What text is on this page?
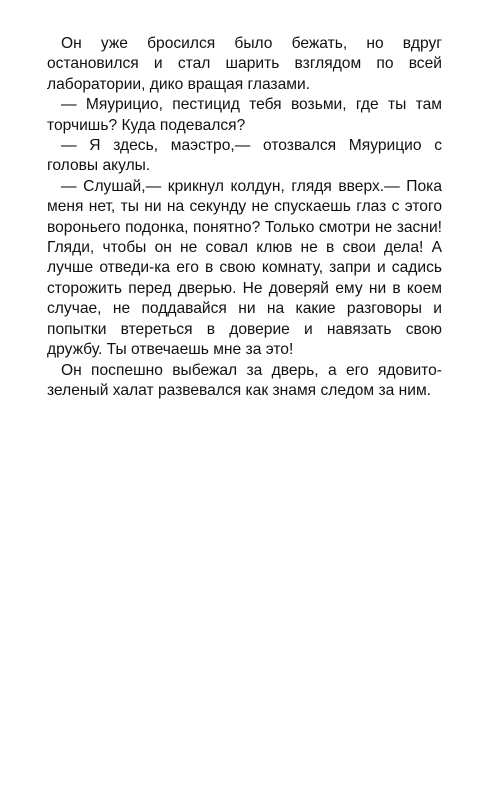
Он уже бросился было бежать, но вдруг остановился и стал шарить взглядом по всей лаборатории, дико вращая глазами.

— Мяурицио, пестицид тебя возьми, где ты там торчишь? Куда подевался?

— Я здесь, маэстро,— отозвался Мяурицио с головы акулы.

— Слушай,— крикнул колдун, глядя вверх.— Пока меня нет, ты ни на секунду не спускаешь глаз с этого вороньего подонка, понятно? Только смотри не засни! Гляди, чтобы он не совал клюв не в свои дела! А лучше отведи-ка его в свою комнату, запри и садись сторожить перед дверью. Не доверяй ему ни в коем случае, не поддавайся ни на какие разговоры и попытки втереться в доверие и навязать свою дружбу. Ты отвечаешь мне за это!

Он поспешно выбежал за дверь, а его ядовито-зеленый халат развевался как знамя следом за ним.
